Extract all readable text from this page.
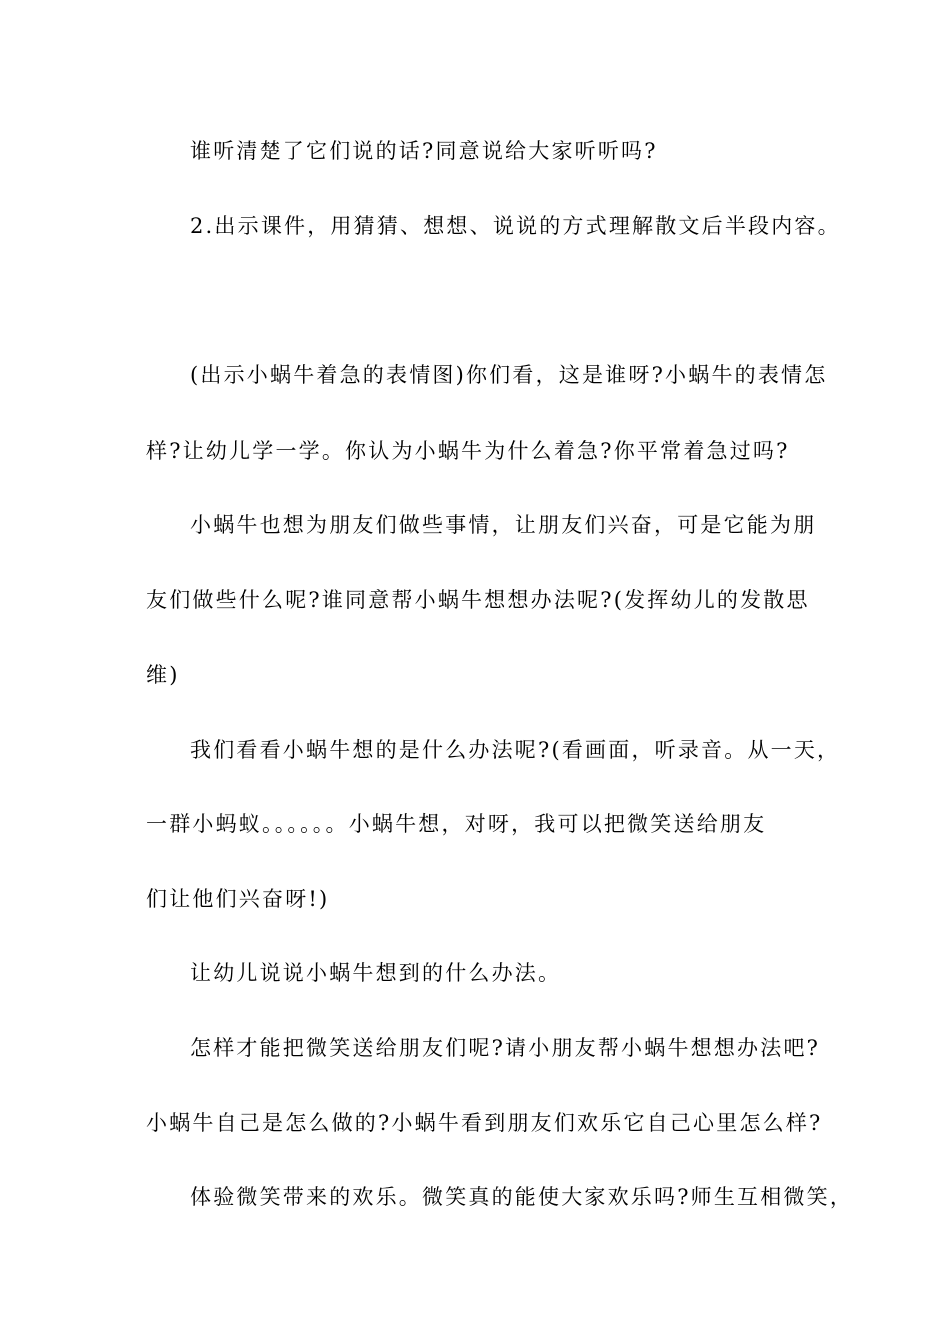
谁听清楚了它们说的话?同意说给大家听听吗?
2.出示课件，用猜猜、想想、说说的方式理解散文后半段内容。
(出示小蜗牛着急的表情图)你们看，这是谁呀?小蜗牛的表情怎
样?让幼儿学一学。你认为小蜗牛为什么着急?你平常着急过吗?
小蜗牛也想为朋友们做些事情，让朋友们兴奋，可是它能为朋
友们做些什么呢?谁同意帮小蜗牛想想办法呢?(发挥幼儿的发散思
维)
我们看看小蜗牛想的是什么办法呢?(看画面，听录音。从一天，
一群小蚂蚁。。。。。。小蜗牛想，对呀，我可以把微笑送给朋友
们让他们兴奋呀!)
让幼儿说说小蜗牛想到的什么办法。
怎样才能把微笑送给朋友们呢?请小朋友帮小蜗牛想想办法吧?
小蜗牛自己是怎么做的?小蜗牛看到朋友们欢乐它自己心里怎么样?
体验微笑带来的欢乐。微笑真的能使大家欢乐吗?师生互相微笑，
